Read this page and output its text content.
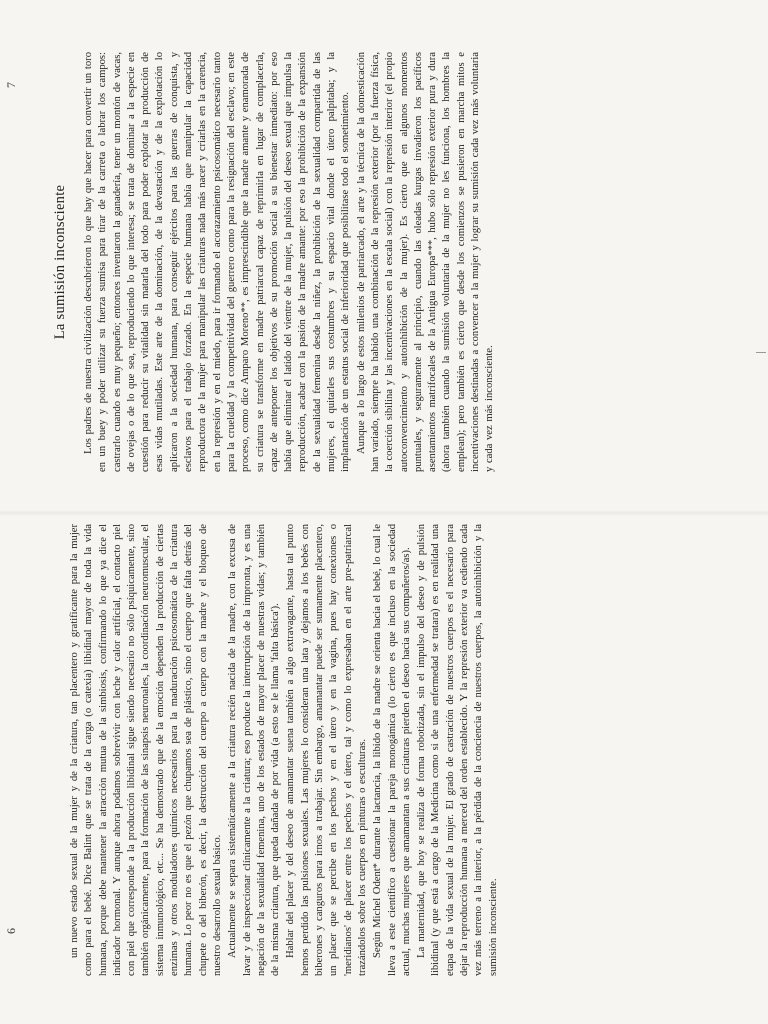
6	un nuevo estado sexual de la mujer y de la criatura, tan placentero y gratificante para la mujer como para el bebé. Dice Balint que se trata de la carga (o catexia) libidinal mayor de toda la vida humana, porque debe mantener la atracción mutua de la simbiosis, confirmando lo que ya dice el indicador hormonal. Y aunque ahora podamos sobrevivir con leche y calor artificial, el contacto piel con piel que corresponde a la producción libidinal sigue siendo necesario no sólo psíquicamente, sino también orgánicamente, para la formación de las sinapsis neuronales, la coordinación neuromuscular, el sistema inmunológico, etc... Se ha demostrado que de la emoción dependen la producción de ciertas enzimas y otros moduladores químicos necesarios para la maduración psicosomática de la criatura humana. Lo peor no es que el pezón que chupamos sea de plástico, sino el cuerpo que falta detrás del chupete o del biberón, es decir, la destrucción del cuerpo a cuerpo con la madre y el bloqueo de nuestro desarrollo sexual básico. Actualmente se separa sistemáticamente a la criatura recién nacida de la madre, con la excusa de lavar y de inspeccionar clínicamente a la criatura; eso produce la interrupción de la impronta, y es una negación de la sexualidad femenina, uno de los estados de mayor placer de nuestras vidas; y también de la misma criatura, que queda dañada de por vida (a esto se le llama 'falta básica'). Hablar del placer y del deseo de amamantar suena también a algo extravagante, hasta tal punto hemos perdido las pulsiones sexuales. Las mujeres lo consideran una lata y dejamos a los bebés con biberones y canguros para irnos a trabajar. Sin embargo, amamantar puede ser sumamente placentero, un placer que se percibe en los pechos y en el útero y en la vagina, pues hay conexiones o 'meridianos' de placer entre los pechos y el útero, tal y como lo expresaban en el arte pre-patriarcal trazándolos sobre los cuerpos en pinturas o esculturas. Según Michel Odent* durante la lactancia, la libido de la madre se orienta hacia el bebé, lo cual le lleva a este científico a cuestionar la pareja monogámica (lo cierto es que incluso en la sociedad actual, muchas mujeres que amamantan a sus criaturas pierden el deseo hacia sus compañeros/as). La maternidad, que hoy se realiza de forma robotizada, sin el impulso del deseo y de pulsión libidinal (y que está a cargo de la Medicina como si de una enfermedad se tratara) es en realidad una etapa de la vida sexual de la mujer. El grado de castración de nuestros cuerpos es el necesario para dejar la reproducción humana a merced del orden establecido. Y la represión exterior va cediendo cada vez más terreno a la interior, a la pérdida de la conciencia de nuestros cuerpos, la autoinhibición y la sumisión inconsciente.

7
La sumisión inconsciente Los padres de nuestra civilización descubrieron lo que hay que hacer para convertir un toro en un buey y poder utilizar su fuerza sumisa para tirar de la carreta o labrar los campos: castrarlo cuando es muy pequeño; entonces inventaron la ganadería, tener un montón de vacas, de ovejas o de lo que sea, reproduciendo lo que interesa; se trata de dominar a la especie en cuestión para reducir su vitalidad sin matarla del todo para poder explotar la producción de esas vidas mutiladas. Este arte de la dominación, de la devastación y de la explotación lo aplicaron a la sociedad humana, para conseguir ejércitos para las guerras de conquista, y esclavos para el trabajo forzado. En la especie humana había que manipular la capacidad reproductora de la mujer para manipular las criaturas nada más nacer y criarlas en la carencia, en la represión y en el miedo, para ir formando el acorazamiento psicosomático necesario tanto para la crueldad y la competitividad del guerrero como para la resignación del esclavo; en este proceso, como dice Amparo Moreno**, es imprescindible que la madre amante y enamorada de su criatura se transforme en madre patriarcal capaz de reprimirla en lugar de complacerla, capaz de anteponer los objetivos de su promoción social a su bienestar inmediato: por eso había que eliminar el latido del vientre de la mujer, la pulsión del deseo sexual que impulsa la reproducción, acabar con la pasión de la madre amante: por eso la prohibición de la expansión de la sexualidad femenina desde la niñez, la prohibición de la sexualidad compartida de las mujeres, el quitarles sus costumbres y su espacio vital donde el útero palpitaba; y la implantación de un estatus social de inferioridad que posibilitase todo el sometimiento. Aunque a lo largo de estos milenios de patriarcado, el arte y la técnica de la domesticación han variado, siempre ha habido una combinación de la represión exterior (por la fuerza física, la coerción sibilina y las incentivaciones en la escala social) con la represión interior (el propio autoconvencimiento y autoinhibición de la mujer). Es cierto que en algunos momentos puntuales, y seguramente al principio, cuando las oleadas kurgas invadieron los pacíficos asentamientos matrifocales de la Antigua Europa***, hubo sólo represión exterior pura y dura (ahora también cuando la sumisión voluntaria de la mujer no les funciona, los hombres la emplean); pero también es cierto que desde los comienzos se pusieron en marcha mitos e incentivaciones destinadas a convencer a la mujer y lograr su sumisión cada vez más voluntaria y cada vez más inconsciente.
